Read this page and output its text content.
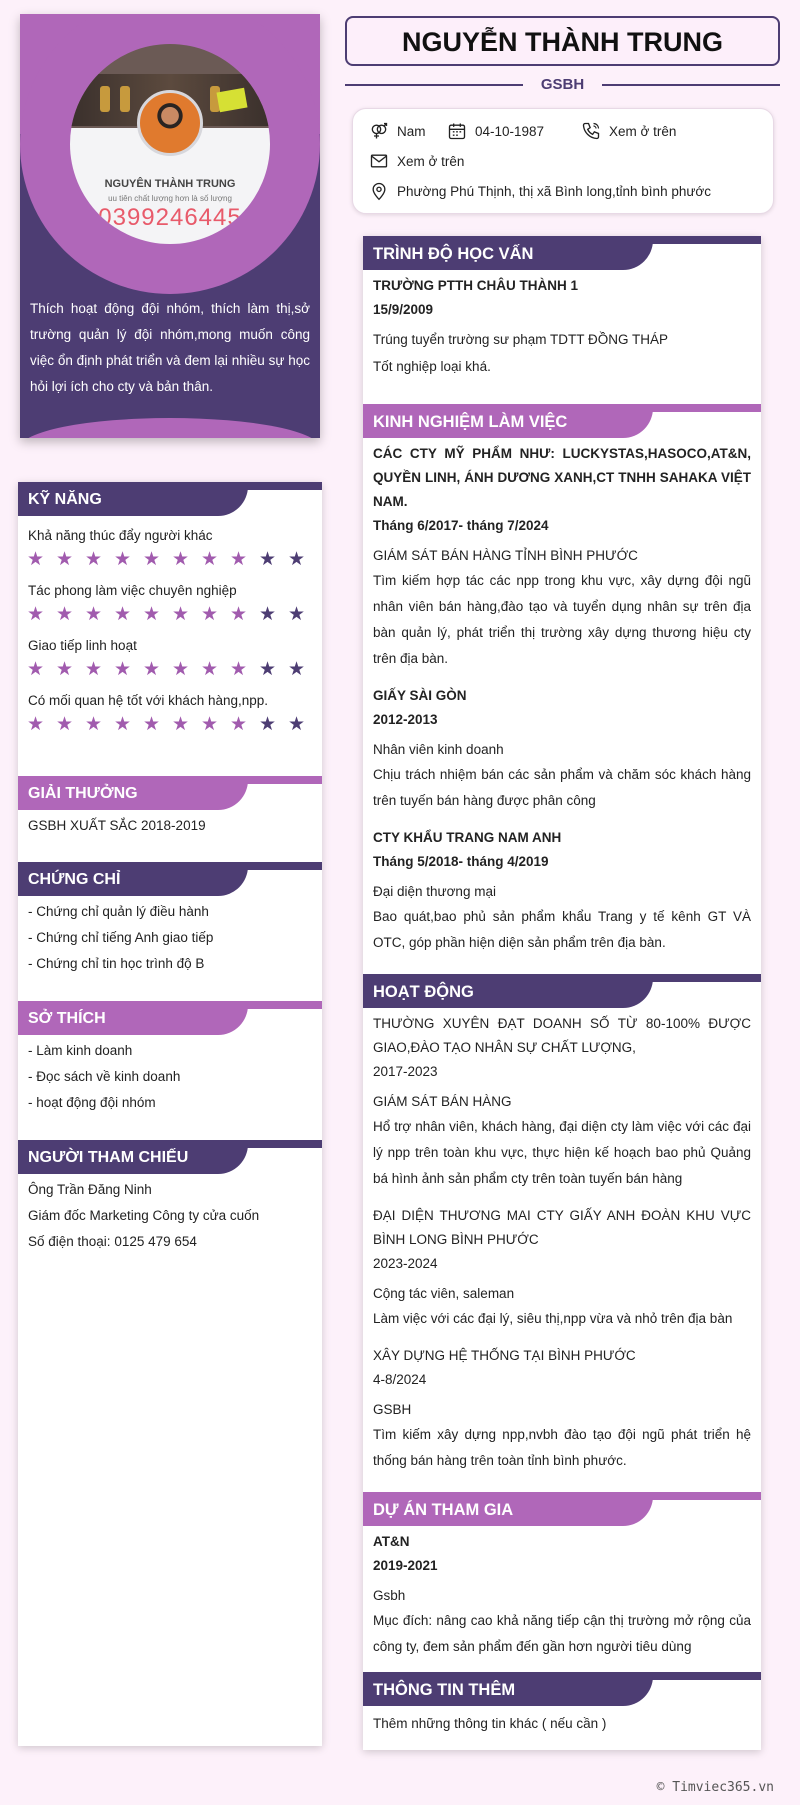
NGUYÊN THÀNH TRUNG
uu tiên chất lượng hơn là số lượng
0399246445
Thích hoạt động đội nhóm, thích làm thị,sở trường quản lý đội nhóm,mong muốn công việc ổn định phát triển và đem lại nhiều sự học hỏi lợi ích cho cty và bản thân.
KỸ NĂNG
Khả năng thúc đẩy người khác
★ ★ ★ ★ ★ ★ ★ ★ ★ ★
Tác phong làm việc chuyên nghiệp
★ ★ ★ ★ ★ ★ ★ ★ ★ ★
Giao tiếp linh hoạt
★ ★ ★ ★ ★ ★ ★ ★ ★ ★
Có mối quan hệ tốt với khách hàng,npp.
★ ★ ★ ★ ★ ★ ★ ★ ★ ★
GIẢI THƯỞNG
GSBH XUẤT SẮC 2018-2019
CHỨNG CHỈ
- Chứng chỉ quản lý điều hành
- Chứng chỉ tiếng Anh giao tiếp
- Chứng chỉ tin học trình độ B
SỞ THÍCH
- Làm kinh doanh
- Đọc sách về kinh doanh
- hoạt động đội nhóm
NGƯỜI THAM CHIẾU
Ông Trần Đăng Ninh
Giám đốc Marketing Công ty cửa cuốn
Số điện thoại: 0125 479 654
NGUYỄN THÀNH TRUNG
GSBH
Nam	04-10-1987	Xem ở trên
Xem ở trên
Phường Phú Thịnh, thị xã Bình long,tỉnh bình phước
TRÌNH ĐỘ HỌC VẤN
TRƯỜNG PTTH CHÂU THÀNH 1
15/9/2009
Trúng tuyển trường sư phạm TDTT ĐỒNG THÁP
Tốt nghiệp loại khá.
KINH NGHIỆM LÀM VIỆC
CÁC CTY MỸ PHẨM NHƯ: LUCKYSTAS,HASOCO,AT&N, QUYỀN LINH, ÁNH DƯƠNG XANH,CT TNHH SAHAKA VIỆT NAM.
Tháng 6/2017- tháng 7/2024
GIÁM SÁT BÁN HÀNG TỈNH BÌNH PHƯỚC
Tìm kiếm hợp tác các npp trong khu vực, xây dựng đội ngũ nhân viên bán hàng,đào tạo và tuyển dụng nhân sự trên địa bàn quản lý, phát triển thị trường xây dựng thương hiệu cty trên địa bàn.
GIẤY SÀI GÒN
2012-2013
Nhân viên kinh doanh
Chịu trách nhiệm bán các sản phẩm và chăm sóc khách hàng trên tuyến bán hàng được phân công
CTY KHẨU TRANG NAM ANH
Tháng 5/2018- tháng 4/2019
Đại diện thương mại
Bao quát,bao phủ sản phẩm khẩu Trang y tế kênh GT VÀ OTC, góp phần hiện diện sản phẩm trên địa bàn.
HOẠT ĐỘNG
THƯỜNG XUYÊN ĐẠT DOANH SỐ TỪ 80-100% ĐƯỢC GIAO,ĐÀO TẠO NHÂN SỰ CHẤT LƯỢNG,
2017-2023
GIÁM SÁT BÁN HÀNG
Hổ trợ nhân viên, khách hàng, đại diện cty làm việc với các đại lý npp trên toàn khu vực, thực hiện kế hoạch bao phủ Quảng bá hình ảnh sản phẩm cty trên toàn tuyến bán hàng
ĐẠI DIỆN THƯƠNG MAI CTY GIẤY ANH ĐOÀN KHU VỰC BÌNH LONG BÌNH PHƯỚC
2023-2024
Cộng tác viên, saleman
Làm việc với các đại lý, siêu thị,npp vừa và nhỏ trên địa bàn
XÂY DỰNG HỆ THỐNG TẠI BÌNH PHƯỚC
4-8/2024
GSBH
Tìm kiếm xây dựng npp,nvbh đào tạo đội ngũ phát triển hệ thống bán hàng trên toàn tỉnh bình phước.
DỰ ÁN THAM GIA
AT&N
2019-2021
Gsbh
Mục đích: nâng cao khả năng tiếp cận thị trường mở rộng của công ty, đem sản phẩm đến gần hơn người tiêu dùng
THÔNG TIN THÊM
Thêm những thông tin khác ( nếu cần )
© Timviec365.vn
